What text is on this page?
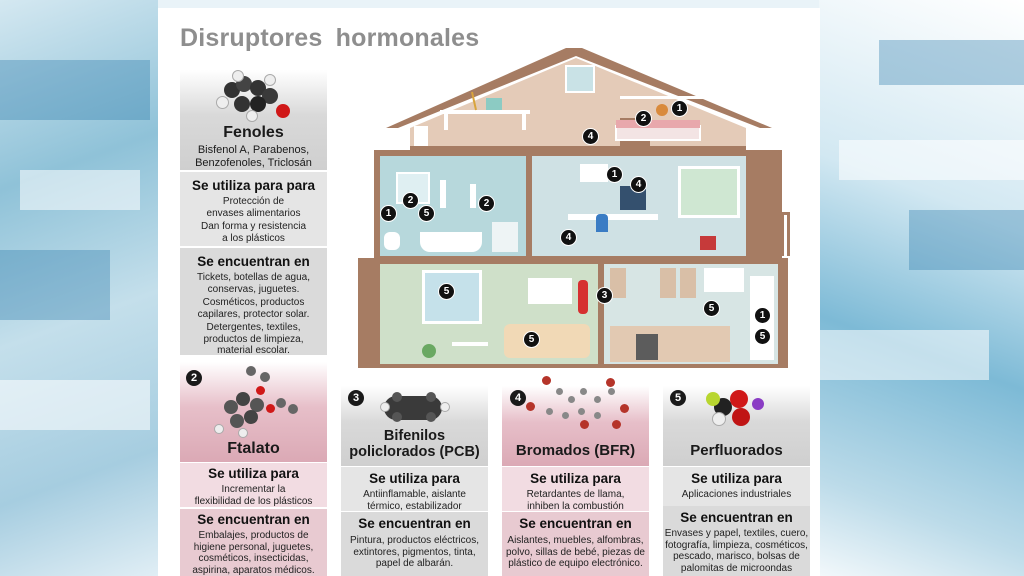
Disruptores hormonales
Fenoles
Bisfenol A, Parabenos,
Benzofenoles, Triclosán
Se utiliza para para
Protección de
envases alimentarios
Dan forma y resistencia
a los plásticos
Se encuentran en
Tickets, botellas de agua,
conservas, juguetes.
Cosméticos, productos
capilares, protector solar.
Detergentes, textiles,
productos de limpieza,
material escolar.
2
Ftalato
Se utiliza para
Incrementar la
flexibilidad de los plásticos
Se encuentran en
Embalajes, productos de
higiene personal, juguetes,
cosméticos, insecticidas,
aspirina, aparatos médicos.
3
Bifenilos
policlorados (PCB)
Se utiliza para
Antiinflamable, aislante
térmico, estabilizador
Se encuentran en
Pintura, productos eléctricos,
extintores, pigmentos, tinta,
papel de albarán.
4
Bromados (BFR)
Se utiliza para
Retardantes de llama,
inhiben la combustión
Se encuentran en
Aislantes, muebles, alfombras,
polvo, sillas de bebé, piezas de
plástico de equipo electrónico.
5
Perfluorados
Se utiliza para
Aplicaciones industriales
Se encuentran en
Envases y papel, textiles, cuero,
fotografía, limpieza, cosméticos,
pescado, marisco, bolsas de
palomitas de microondas
1
2
4
1
2
5
2
1
4
4
3
5
5
5
1
5
